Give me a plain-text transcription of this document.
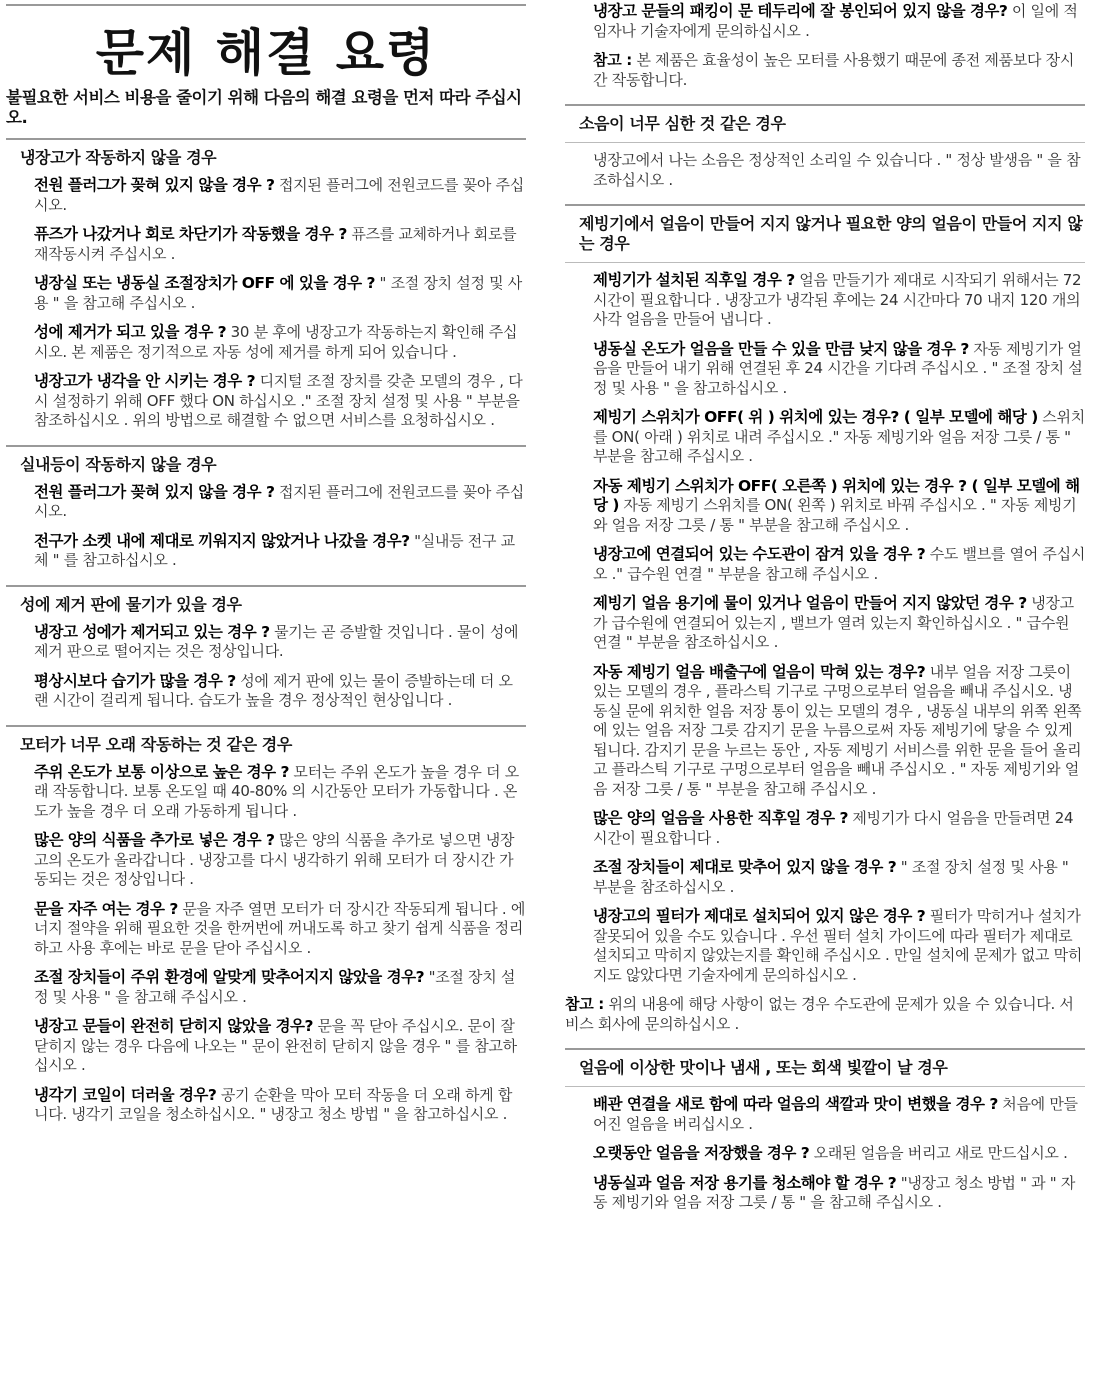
문제 해결 요령
불필요한 서비스 비용을 줄이기 위해 다음의 해결 요령을 먼저 따라 주십시오.
냉장고가 작동하지 않을 경우
전원 플러그가 꽂혀 있지 않을 경우 ? 접지된 플러그에 전원코드를 꽂아 주십시오.
퓨즈가 나갔거나 회로 차단기가 작동했을 경우 ? 퓨즈를 교체하거나 회로를 재작동시켜 주십시오 .
냉장실 또는 냉동실 조절장치가 OFF 에 있을 경우 ? " 조절 장치 설정 및 사용 " 을 참고해 주십시오 .
성에 제거가 되고 있을 경우 ? 30 분 후에 냉장고가 작동하는지 확인해 주십시오. 본 제품은 정기적으로 자동 성에 제거를 하게 되어 있습니다 .
냉장고가 냉각을 안 시키는 경우 ? 디지털 조절 장치를 갖춘 모델의 경우 , 다시 설정하기 위해 OFF 했다 ON 하십시오 ." 조절 장치 설정 및 사용 " 부분을 참조하십시오 . 위의 방법으로 해결할 수 없으면 서비스를 요청하십시오 .
실내등이 작동하지 않을 경우
전원 플러그가 꽂혀 있지 않을 경우 ? 접지된 플러그에 전원코드를 꽂아 주십시오.
전구가 소켓 내에 제대로 끼워지지 않았거나 나갔을 경우? "실내등 전구 교체 " 를 참고하십시오 .
성에 제거 판에 물기가 있을 경우
냉장고 성에가 제거되고 있는 경우 ? 물기는 곧 증발할 것입니다 . 물이 성에 제거 판으로 떨어지는 것은 정상입니다.
평상시보다 습기가 많을 경우 ? 성에 제거 판에 있는 물이 증발하는데 더 오랜 시간이 걸리게 됩니다. 습도가 높을 경우 정상적인 현상입니다 .
모터가 너무 오래 작동하는 것 같은 경우
주위 온도가 보통 이상으로 높은 경우 ? 모터는 주위 온도가 높을 경우 더 오래 작동합니다. 보통 온도일 때 40-80% 의 시간동안 모터가 가동합니다 . 온도가 높을 경우 더 오래 가동하게 됩니다 .
많은 양의 식품을 추가로 넣은 경우 ? 많은 양의 식품을 추가로 넣으면 냉장고의 온도가 올라갑니다 . 냉장고를 다시 냉각하기 위해 모터가 더 장시간 가동되는 것은 정상입니다 .
문을 자주 여는 경우 ? 문을 자주 열면 모터가 더 장시간 작동되게 됩니다 . 에너지 절약을 위해 필요한 것을 한꺼번에 꺼내도록 하고 찾기 쉽게 식품을 정리하고 사용 후에는 바로 문을 닫아 주십시오 .
조절 장치들이 주위 환경에 알맞게 맞추어지지 않았을 경우? "조절 장치 설정 및 사용 " 을 참고해 주십시오 .
냉장고 문들이 완전히 닫히지 않았을 경우? 문을 꼭 닫아 주십시오. 문이 잘 닫히지 않는 경우 다음에 나오는 " 문이 완전히 닫히지 않을 경우 " 를 참고하십시오 .
냉각기 코일이 더러울 경우? 공기 순환을 막아 모터 작동을 더 오래 하게 합니다. 냉각기 코일을 청소하십시오. " 냉장고 청소 방법 " 을 참고하십시오 .
냉장고 문들의 패킹이 문 테두리에 잘 봉인되어 있지 않을 경우? 이 일에 적임자나 기술자에게 문의하십시오 .
참고 : 본 제품은 효율성이 높은 모터를 사용했기 때문에 종전 제품보다 장시간 작동합니다.
소음이 너무 심한 것 같은 경우
냉장고에서 나는 소음은 정상적인 소리일 수 있습니다 . " 정상 발생음 " 을 참조하십시오 .
제빙기에서 얼음이 만들어 지지 않거나 필요한 양의 얼음이 만들어 지지 않는 경우
제빙기가 설치된 직후일 경우 ? 얼음 만들기가 제대로 시작되기 위해서는 72 시간이 필요합니다 . 냉장고가 냉각된 후에는 24 시간마다 70 내지 120 개의 사각 얼음을 만들어 냅니다 .
냉동실 온도가 얼음을 만들 수 있을 만큼 낮지 않을 경우 ? 자동 제빙기가 얼음을 만들어 내기 위해 연결된 후 24 시간을 기다려 주십시오 . " 조절 장치 설정 및 사용 " 을 참고하십시오 .
제빙기 스위치가 OFF( 위 ) 위치에 있는 경우? ( 일부 모델에 해당 ) 스위치를 ON( 아래 ) 위치로 내려 주십시오 ." 자동 제빙기와 얼음 저장 그릇 / 통 " 부분을 참고해 주십시오 .
자동 제빙기 스위치가 OFF( 오른쪽 ) 위치에 있는 경우 ? ( 일부 모델에 해당 ) 자동 제빙기 스위치를 ON( 왼쪽 ) 위치로 바꿔 주십시오 . " 자동 제빙기와 얼음 저장 그릇 / 통 " 부분을 참고해 주십시오 .
냉장고에 연결되어 있는 수도관이 잠겨 있을 경우 ? 수도 밸브를 열어 주십시오 ." 급수원 연결 " 부분을 참고해 주십시오 .
제빙기 얼음 용기에 물이 있거나 얼음이 만들어 지지 않았던 경우 ? 냉장고가 급수원에 연결되어 있는지 , 밸브가 열려 있는지 확인하십시오 . " 급수원 연결 " 부분을 참조하십시오 .
자동 제빙기 얼음 배출구에 얼음이 막혀 있는 경우? 내부 얼음 저장 그릇이 있는 모델의 경우 , 플라스틱 기구로 구멍으로부터 얼음을 빼내 주십시오. 냉동실 문에 위치한 얼음 저장 통이 있는 모델의 경우 , 냉동실 내부의 위쪽 왼쪽에 있는 얼음 저장 그릇 감지기 문을 누름으로써 자동 제빙기에 닿을 수 있게 됩니다. 감지기 문을 누르는 동안 , 자동 제빙기 서비스를 위한 문을 들어 올리고 플라스틱 기구로 구멍으로부터 얼음을 빼내 주십시오 . " 자동 제빙기와 얼음 저장 그릇 / 통 " 부분을 참고해 주십시오 .
많은 양의 얼음을 사용한 직후일 경우 ? 제빙기가 다시 얼음을 만들려면 24 시간이 필요합니다 .
조절 장치들이 제대로 맞추어 있지 않을 경우 ? " 조절 장치 설정 및 사용 " 부분을 참조하십시오 .
냉장고의 필터가 제대로 설치되어 있지 않은 경우 ? 필터가 막히거나 설치가 잘못되어 있을 수도 있습니다 . 우선 필터 설치 가이드에 따라 필터가 제대로 설치되고 막히지 않았는지를 확인해 주십시오 . 만일 설치에 문제가 없고 막히지도 않았다면 기술자에게 문의하십시오 .
참고 : 위의 내용에 해당 사항이 없는 경우 수도관에 문제가 있을 수 있습니다. 서비스 회사에 문의하십시오 .
얼음에 이상한 맛이나 냄새 , 또는 회색 빛깔이 날 경우
배관 연결을 새로 함에 따라 얼음의 색깔과 맛이 변했을 경우 ? 처음에 만들어진 얼음을 버리십시오 .
오랫동안 얼음을 저장했을 경우 ? 오래된 얼음을 버리고 새로 만드십시오 .
냉동실과 얼음 저장 용기를 청소해야 할 경우 ? "냉장고 청소 방법 " 과 " 자동 제빙기와 얼음 저장 그릇 / 통 " 을 참고해 주십시오 .
